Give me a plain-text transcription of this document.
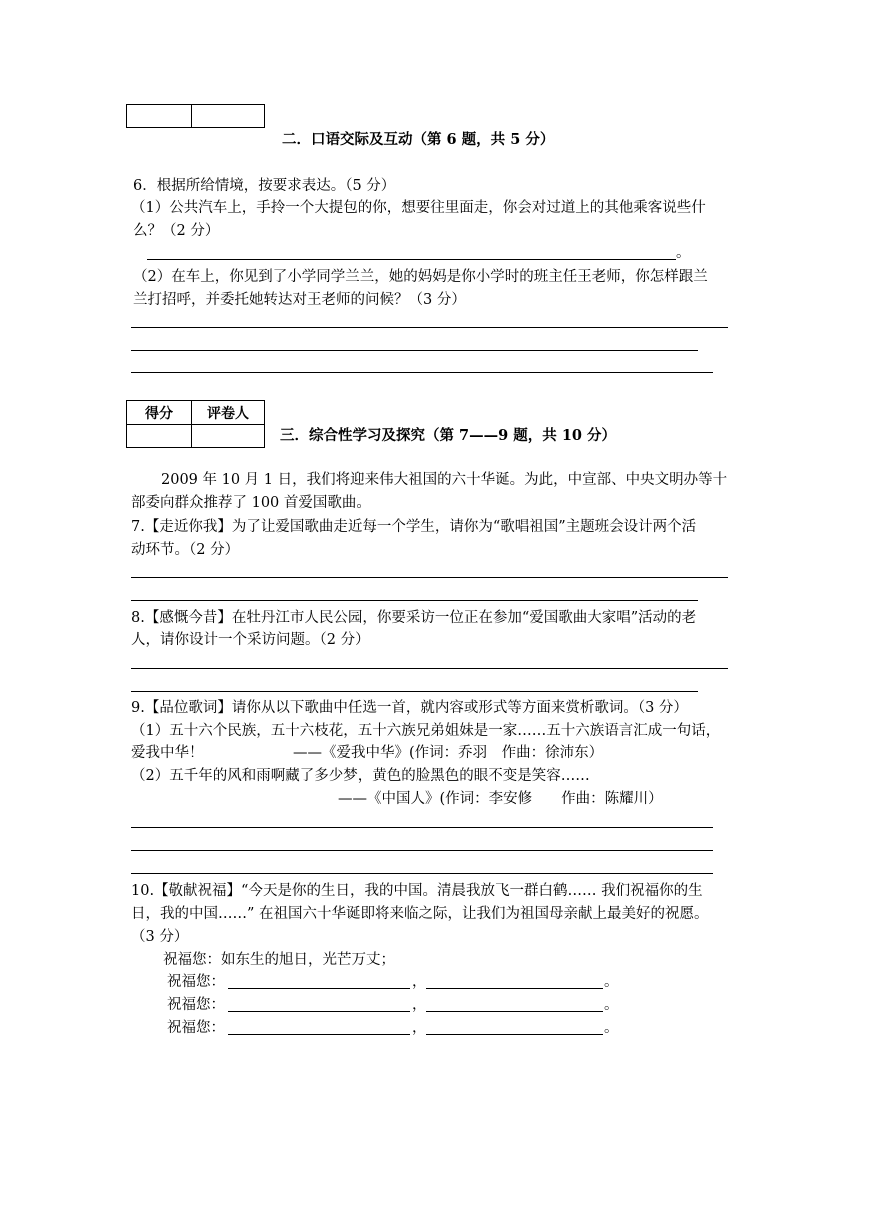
二．口语交际及互动（第 6 题，共 5 分）
6．根据所给情境，按要求表达。（5 分）
（1）公共汽车上，手拎一个大提包的你，想要往里面走，你会对过道上的其他乘客说些什
么？（2 分）
。
（2）在车上，你见到了小学同学兰兰，她的妈妈是你小学时的班主任王老师，你怎样跟兰
兰打招呼，并委托她转达对王老师的问候？（3 分）
得分	评卷人

三．综合性学习及探究（第 7——9 题，共 10 分）
2009 年 10 月 1 日，我们将迎来伟大祖国的六十华诞。为此，中宣部、中央文明办等十
部委向群众推荐了 100 首爱国歌曲。
7.【走近你我】为了让爱国歌曲走近每一个学生，请你为“歌唱祖国”主题班会设计两个活
动环节。（2 分）
8.【感慨今昔】在牡丹江市人民公园，你要采访一位正在参加“爱国歌曲大家唱”活动的老
人，请你设计一个采访问题。（2 分）
9.【品位歌词】请你从以下歌曲中任选一首，就内容或形式等方面来赏析歌词。（3 分）
（1）五十六个民族，五十六枝花，五十六族兄弟姐妹是一家……五十六族语言汇成一句话，
爱我中华！	——《爱我中华》(作词：乔羽　作曲：徐沛东）
（2）五千年的风和雨啊藏了多少梦，黄色的脸黑色的眼不变是笑容……
——《中国人》(作词：李安修　　作曲：陈耀川）
10.【敬献祝福】“今天是你的生日，我的中国。清晨我放飞一群白鹤…… 我们祝福你的生
日，我的中国……” 在祖国六十华诞即将来临之际，让我们为祖国母亲献上最美好的祝愿。
（3 分）
祝福您：如东生的旭日，光芒万丈；
祝福您：	，	。
祝福您：	，	。
祝福您：	，	。
